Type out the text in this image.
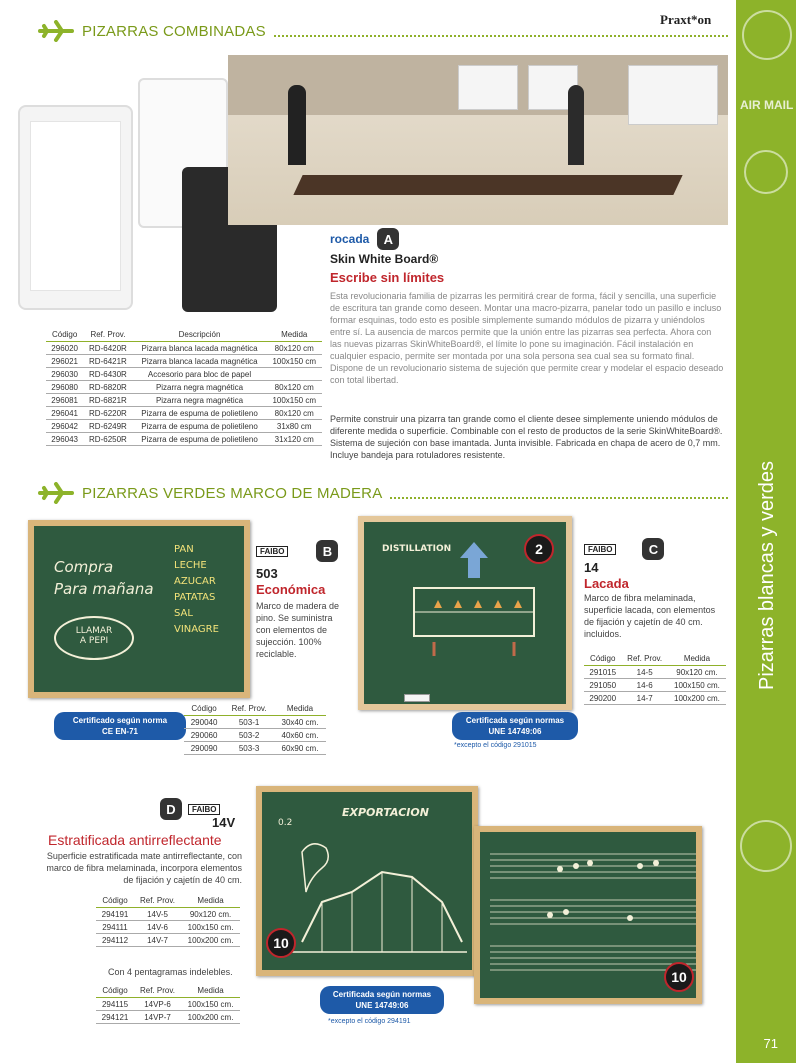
AIR MAIL
Pizarras blancas y verdes
71
Praxt*on
PIZARRAS COMBINADAS
rocada	A
Skin White Board®
Escribe sin límites
Esta revolucionaria familia de pizarras les permitirá crear de forma, fácil y sencilla, una superficie de escritura tan grande como deseen. Montar una macro-pizarra, panelar todo un pasillo e incluso formar esquinas, todo esto es posible simplemente sumando módulos de pizarra y uniéndolos entre sí. La ausencia de marcos permite que la unión entre las pizarras sea perfecta. Ahora con las nuevas pizarras SkinWhiteBoard®, el límite lo pone su imaginación. Fácil instalación en cualquier espacio, permite ser montada por una sola persona sea cual sea su formato final. Dispone de un revolucionario sistema de sujeción que permite crear y modelar el espacio deseado con total libertad.
Permite construir una pizarra tan grande como el cliente desee simplemente uniendo módulos de diferente medida o superficie. Combinable con el resto de productos de la serie SkinWhiteBoard®. Sistema de sujeción con base imantada. Junta invisible. Fabricada en chapa de acero de 0,7 mm. Incluye bandeja para rotuladores resistente.
Código	Ref. Prov.	Descripción	Medida
296020	RD-6420R	Pizarra blanca lacada magnética	80x120 cm
296021	RD-6421R	Pizarra blanca lacada magnética	100x150 cm
296030	RD-6430R	Accesorio para bloc de papel	
296080	RD-6820R	Pizarra negra magnética	80x120 cm
296081	RD-6821R	Pizarra negra magnética	100x150 cm
296041	RD-6220R	Pizarra de espuma de polietileno	80x120 cm
296042	RD-6249R	Pizarra de espuma de polietileno	31x80 cm
296043	RD-6250R	Pizarra de espuma de polietileno	31x120 cm
PIZARRAS VERDES MARCO DE MADERA
Compra
Para mañana
LLAMAR
A PEPI
PAN
LECHE
AZUCAR
PATATAS
SAL
VINAGRE
FAIBO	B
503
Económica
Marco de madera de pino. Se suministra con elementos de sujección. 100% reciclable.
Certificado según norma
CE EN-71
Código	Ref. Prov.	Medida
290040	503-1	30x40 cm.
290060	503-2	40x60 cm.
290090	503-3	60x90 cm.
DISTILLATION	2	FAIBO	C
14
Lacada
Marco de fibra melaminada, superficie lacada, con elementos de fijación y cajetín de 40 cm. incluidos.
Código	Ref. Prov.	Medida
291015	14-5	90x120 cm.
291050	14-6	100x150 cm.
290200	14-7	100x200 cm.
Certificada según normas
UNE 14749:06
*excepto el código 291015
D	FAIBO
14V
Estratificada antirreflectante
Superficie estratificada mate antirreflectante, con marco de fibra melaminada, incorpora elementos de fijación y cajetín de 40 cm.
Código	Ref. Prov.	Medida
294191	14V-5	90x120 cm.
294111	14V-6	100x150 cm.
294112	14V-7	100x200 cm.
Con 4 pentagramas indelebles.
Código	Ref. Prov.	Medida
294115	14VP-6	100x150 cm.
294121	14VP-7	100x200 cm.
EXPORTACION
0.2
10
10
Certificada según normas
UNE 14749:06
*excepto el código 294191
